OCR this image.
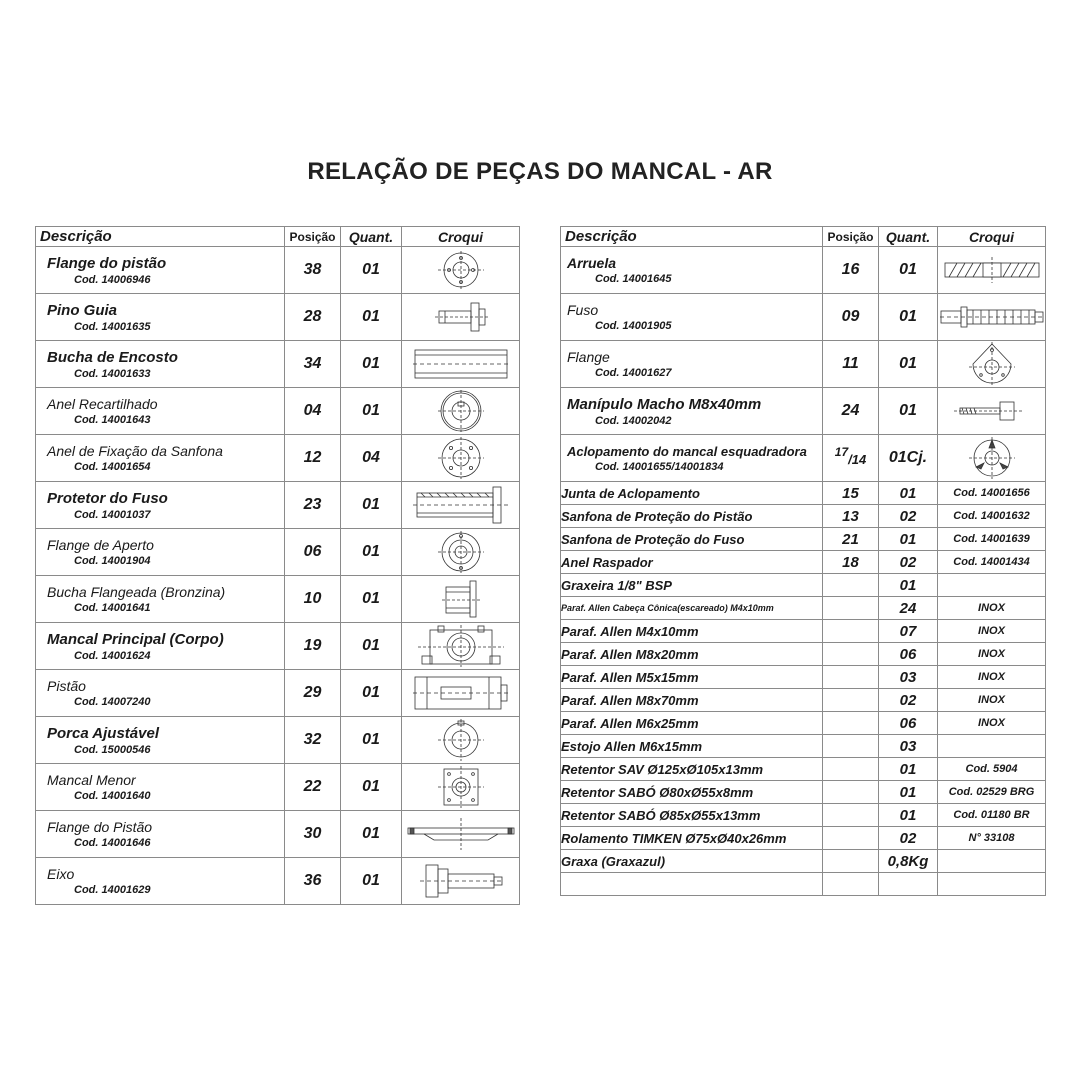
RELAÇÃO DE PEÇAS DO MANCAL - AR
Descrição	Posição	Quant.	Croqui

Flange do pistão
Cod. 14006946	38	01	

Pino Guia
Cod. 14001635	28	01	

Bucha de Encosto
Cod. 14001633	34	01	

Anel Recartilhado
Cod. 14001643	04	01	

Anel de Fixação da Sanfona
Cod. 14001654	12	04	

Protetor do Fuso
Cod. 14001037	23	01	

Flange de Aperto
Cod. 14001904	06	01	

Bucha Flangeada (Bronzina)
Cod. 14001641	10	01	

Mancal Principal (Corpo)
Cod. 14001624	19	01	

Pistão
Cod. 14007240	29	01	

Porca Ajustável
Cod. 15000546	32	01	

Mancal Menor
Cod. 14001640	22	01	

Flange do Pistão
Cod. 14001646	30	01	

Eixo
Cod. 14001629	36	01	
Descrição	Posição	Quant.	Croqui

Arruela
Cod. 14001645	16	01	

Fuso
Cod. 14001905	09	01	

Flange
Cod. 14001627	11	01	

Manípulo Macho M8x40mm
Cod. 14002042	24	01	

Aclopamento do mancal esquadradora
Cod. 14001655/14001834	$^{17}$/14	01Cj.	

Junta de Aclopamento	15	01	Cod. 14001656
Sanfona de Proteção do Pistão	13	02	Cod. 14001632
Sanfona de Proteção do Fuso	21	01	Cod. 14001639
Anel Raspador	18	02	Cod. 14001434
Graxeira 1/8" BSP		01	
Paraf. Allen Cabeça Cônica(escareado) M4x10mm		24	INOX
Paraf. Allen M4x10mm		07	INOX
Paraf. Allen M8x20mm		06	INOX
Paraf. Allen M5x15mm		03	INOX
Paraf. Allen M8x70mm		02	INOX
Paraf. Allen M6x25mm		06	INOX
Estojo Allen M6x15mm		03	
Retentor SAV Ø125xØ105x13mm		01	Cod. 5904
Retentor SABÓ Ø80xØ55x8mm		01	Cod. 02529 BRG
Retentor SABÓ Ø85xØ55x13mm		01	Cod. 01180 BR
Rolamento TIMKEN Ø75xØ40x26mm		02	N° 33108
Graxa (Graxazul)		0,8Kg	
